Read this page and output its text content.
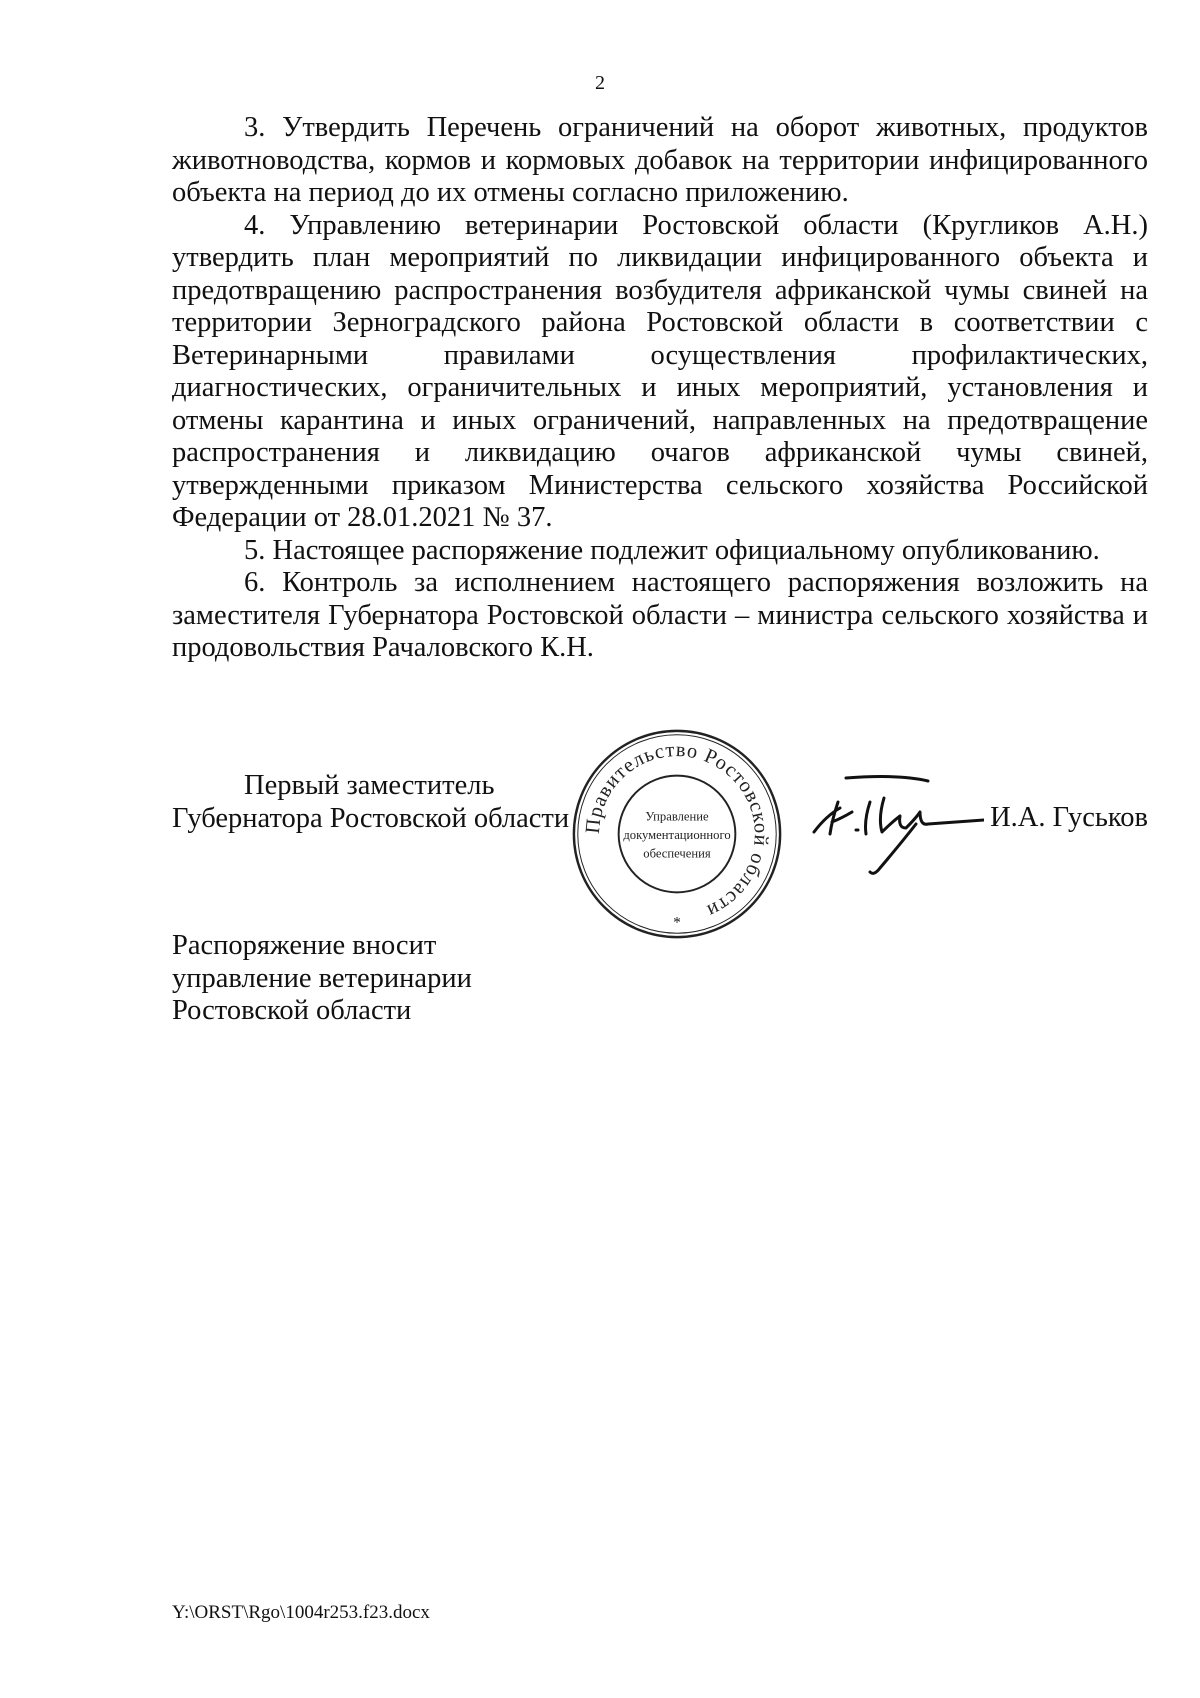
2

3. Утвердить Перечень ограничений на оборот животных, продуктов животноводства, кормов и кормовых добавок на территории инфицированного объекта на период до их отмены согласно приложению.

4. Управлению ветеринарии Ростовской области (Кругликов А.Н.) утвердить план мероприятий по ликвидации инфицированного объекта и предотвращению распространения возбудителя африканской чумы свиней на территории Зерноградского района Ростовской области в соответствии с Ветеринарными правилами осуществления профилактических, диагностических, ограничительных и иных мероприятий, установления и отмены карантина и иных ограничений, направленных на предотвращение распространения и ликвидацию очагов африканской чумы свиней, утвержденными приказом Министерства сельского хозяйства Российской Федерации от 28.01.2021 № 37.

5. Настоящее распоряжение подлежит официальному опубликованию.

6. Контроль за исполнением настоящего распоряжения возложить на заместителя Губернатора Ростовской области – министра сельского хозяйства и продовольствия Рачаловского К.Н.

Первый заместитель
Губернатора Ростовской области Правительство Ростовской области
Управление
документационного
обеспечения
*
И.А. Гуськов
Распоряжение вносит
управление ветеринарии
Ростовской области
Y:\ORST\Rgo\1004r253.f23.docx
